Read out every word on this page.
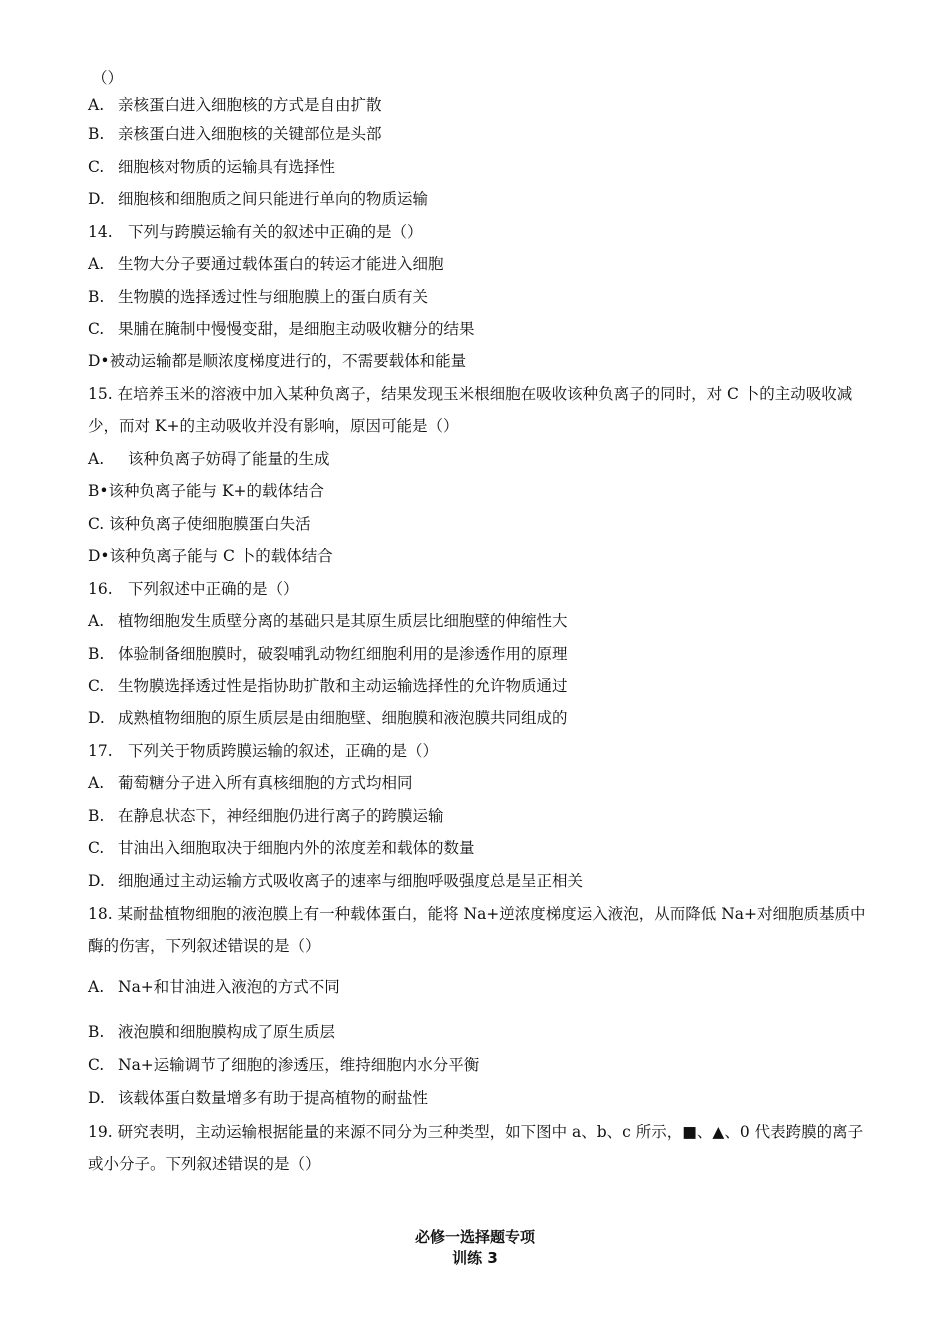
（）
A. 亲核蛋白进入细胞核的方式是自由扩散
B. 亲核蛋白进入细胞核的关键部位是头部
C. 细胞核对物质的运输具有选择性
D. 细胞核和细胞质之间只能进行单向的物质运输
14. 下列与跨膜运输有关的叙述中正确的是（）
A. 生物大分子要通过载体蛋白的转运才能进入细胞
B. 生物膜的选择透过性与细胞膜上的蛋白质有关
C. 果脯在腌制中慢慢变甜，是细胞主动吸收糖分的结果
D•被动运输都是顺浓度梯度进行的，不需要载体和能量
15. 在培养玉米的溶液中加入某种负离子，结果发现玉米根细胞在吸收该种负离子的同时，对 C 卜的主动吸收减少，而对 K+的主动吸收并没有影响，原因可能是（）
A. 该种负离子妨碍了能量的生成
B•该种负离子能与 K+的载体结合
C. 该种负离子使细胞膜蛋白失活
D•该种负离子能与 C 卜的载体结合
16. 下列叙述中正确的是（）
A. 植物细胞发生质壁分离的基础只是其原生质层比细胞壁的伸缩性大
B. 体验制备细胞膜时，破裂哺乳动物红细胞利用的是渗透作用的原理
C. 生物膜选择透过性是指协助扩散和主动运输选择性的允许物质通过
D. 成熟植物细胞的原生质层是由细胞壁、细胞膜和液泡膜共同组成的
17. 下列关于物质跨膜运输的叙述，正确的是（）
A. 葡萄糖分子进入所有真核细胞的方式均相同
B. 在静息状态下，神经细胞仍进行离子的跨膜运输
C. 甘油出入细胞取决于细胞内外的浓度差和载体的数量
D. 细胞通过主动运输方式吸收离子的速率与细胞呼吸强度总是呈正相关
18. 某耐盐植物细胞的液泡膜上有一种载体蛋白，能将 Na+逆浓度梯度运入液泡，从而降低 Na+对细胞质基质中酶的伤害，下列叙述错误的是（）
A. Na+和甘油进入液泡的方式不同
B. 液泡膜和细胞膜构成了原生质层
C. Na+运输调节了细胞的渗透压，维持细胞内水分平衡
D. 该载体蛋白数量增多有助于提高植物的耐盐性
19. 研究表明，主动运输根据能量的来源不同分为三种类型，如下图中 a、b、c 所示，■、▲、0 代表跨膜的离子或小分子。下列叙述错误的是（）
必修一选择题专项
训练 3
